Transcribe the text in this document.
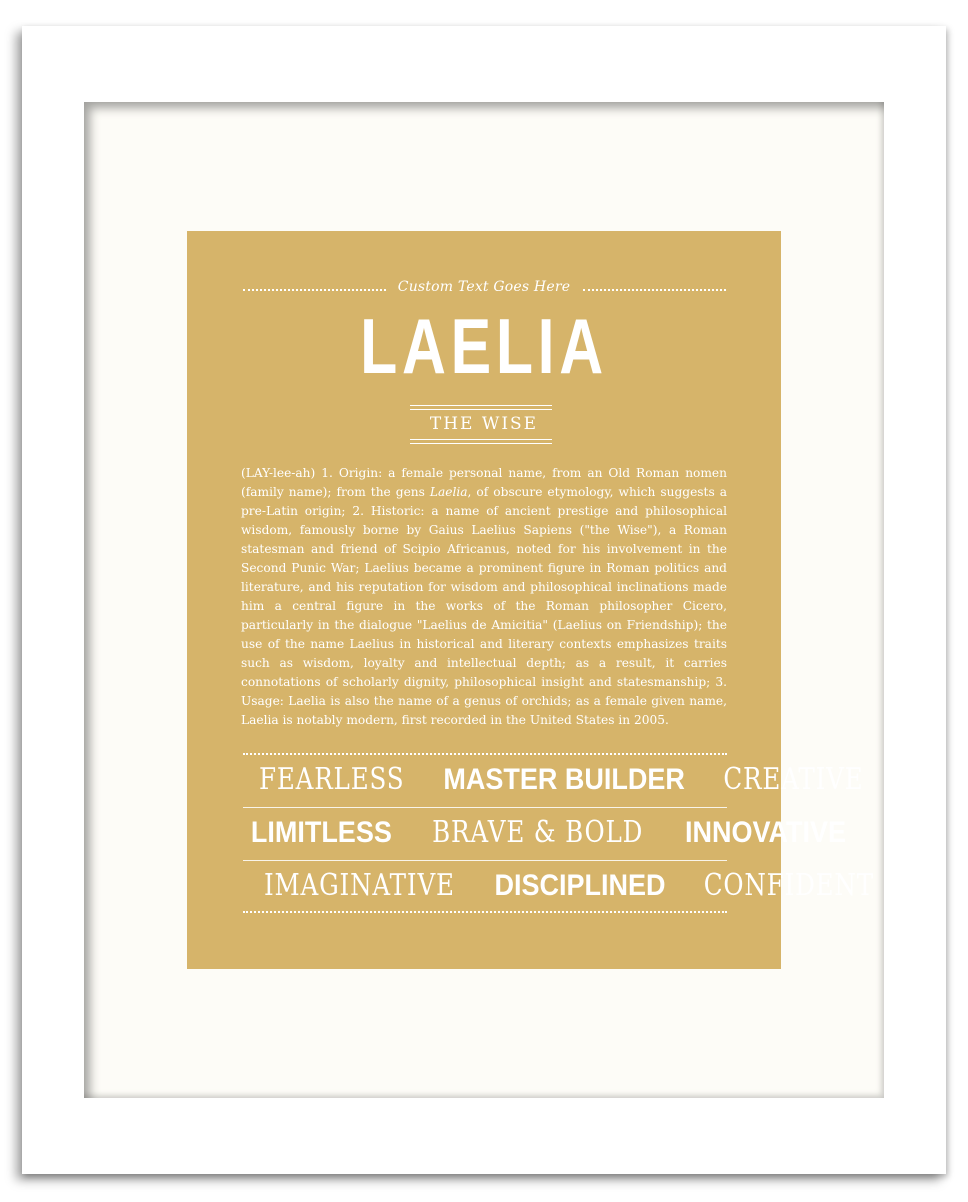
Custom Text Goes Here
LAELIA
THE WISE
(LAY-lee-ah) 1. Origin: a female personal name, from an Old Roman nomen (family name); from the gens Laelia, of obscure etymology, which suggests a pre-Latin origin; 2. Historic: a name of ancient prestige and philosophical wisdom, famously borne by Gaius Laelius Sapiens ("the Wise"), a Roman statesman and friend of Scipio Africanus, noted for his involvement in the Second Punic War; Laelius became a prominent figure in Roman politics and literature, and his reputation for wisdom and philosophical inclinations made him a central figure in the works of the Roman philosopher Cicero, particularly in the dialogue "Laelius de Amicitia" (Laelius on Friendship); the use of the name Laelius in historical and literary contexts emphasizes traits such as wisdom, loyalty and intellectual depth; as a result, it carries connotations of scholarly dignity, philosophical insight and statesmanship; 3. Usage: Laelia is also the name of a genus of orchids; as a female given name, Laelia is notably modern, first recorded in the United States in 2005.
FEARLESS MASTER BUILDER CREATIVE
LIMITLESS BRAVE & BOLD INNOVATIVE
IMAGINATIVE DISCIPLINED CONFIDENT
